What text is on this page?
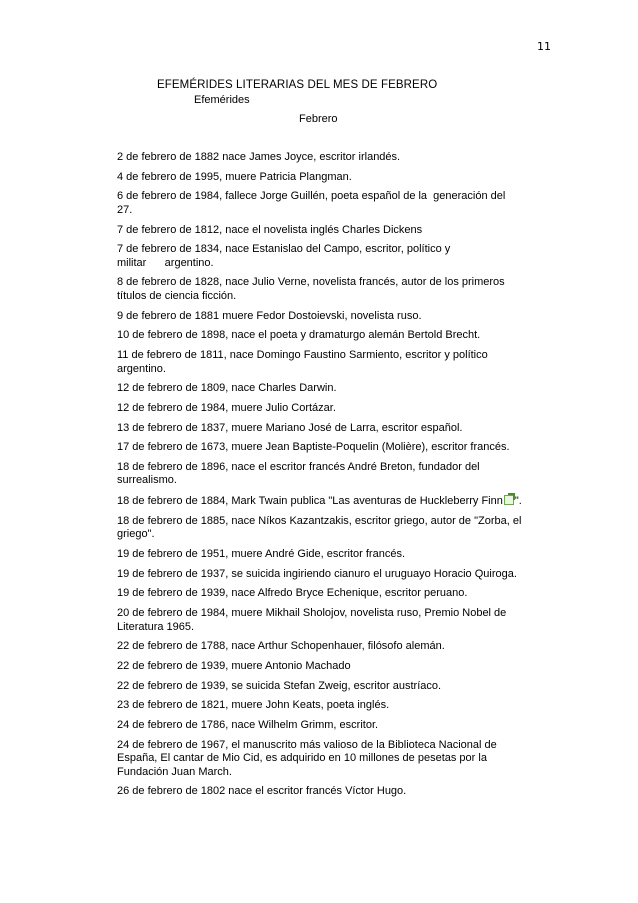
11
EFEMÉRIDES LITERARIAS DEL MES DE FEBRERO
Efemérides
Febrero

2 de febrero de 1882 nace James Joyce, escritor irlandés.

4 de febrero de 1995, muere Patricia Plangman.

6 de febrero de 1984, fallece Jorge Guillén, poeta español de la  generación del
27.

7 de febrero de 1812, nace el novelista inglés Charles Dickens

7 de febrero de 1834, nace Estanislao del Campo, escritor, político y
militar      argentino.

8 de febrero de 1828, nace Julio Verne, novelista francés, autor de los primeros
títulos de ciencia ficción.

9 de febrero de 1881 muere Fedor Dostoievski, novelista ruso.

10 de febrero de 1898, nace el poeta y dramaturgo alemán Bertold Brecht.

11 de febrero de 1811, nace Domingo Faustino Sarmiento, escritor y político
argentino.

12 de febrero de 1809, nace Charles Darwin.

12 de febrero de 1984, muere Julio Cortázar.

13 de febrero de 1837, muere Mariano José de Larra, escritor español.

17 de febrero de 1673, muere Jean Baptiste-Poquelin (Molière), escritor francés.

18 de febrero de 1896, nace el escritor francés André Breton, fundador del
surrealismo.

18 de febrero de 1884, Mark Twain publica "Las aventuras de Huckleberry Finn ".

18 de febrero de 1885, nace Níkos Kazantzakis, escritor griego, autor de "Zorba, el
griego".

19 de febrero de 1951, muere André Gide, escritor francés.

19 de febrero de 1937, se suicida ingiriendo cianuro el uruguayo Horacio Quiroga.

19 de febrero de 1939, nace Alfredo Bryce Echenique, escritor peruano.

20 de febrero de 1984, muere Mikhail Sholojov, novelista ruso, Premio Nobel de
Literatura 1965.

22 de febrero de 1788, nace Arthur Schopenhauer, filósofo alemán.

22 de febrero de 1939, muere Antonio Machado

22 de febrero de 1939, se suicida Stefan Zweig, escritor austríaco.

23 de febrero de 1821, muere John Keats, poeta inglés.

24 de febrero de 1786, nace Wilhelm Grimm, escritor.

24 de febrero de 1967, el manuscrito más valioso de la Biblioteca Nacional de
España, El cantar de Mio Cid, es adquirido en 10 millones de pesetas por la
Fundación Juan March.

26 de febrero de 1802 nace el escritor francés Víctor Hugo.
